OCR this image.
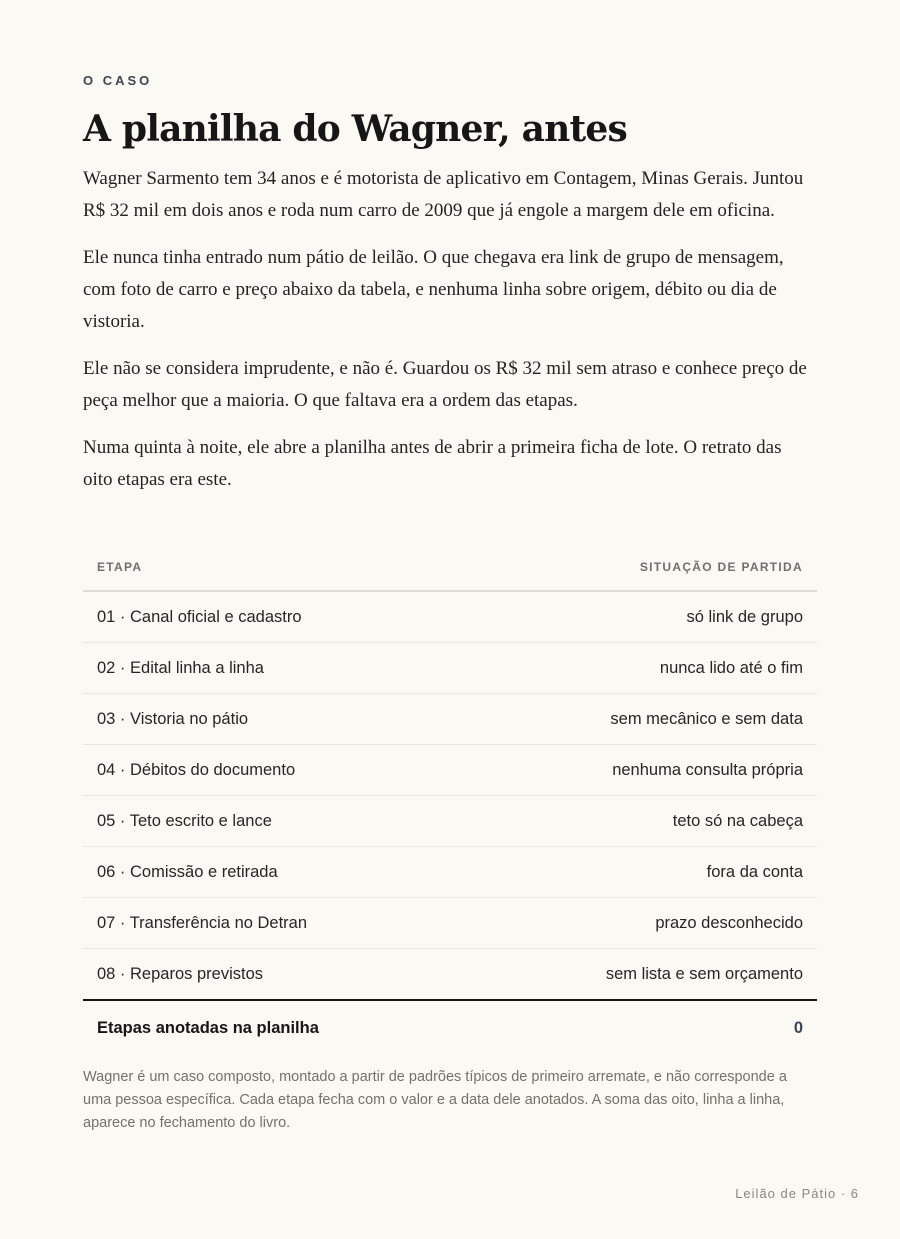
O CASO
A planilha do Wagner, antes

Wagner Sarmento tem 34 anos e é motorista de aplicativo em Contagem, Minas Gerais. Juntou R$ 32 mil em dois anos e roda num carro de 2009 que já engole a margem dele em oficina.

Ele nunca tinha entrado num pátio de leilão. O que chegava era link de grupo de mensagem, com foto de carro e preço abaixo da tabela, e nenhuma linha sobre origem, débito ou dia de vistoria.

Ele não se considera imprudente, e não é. Guardou os R$ 32 mil sem atraso e conhece preço de peça melhor que a maioria. O que faltava era a ordem das etapas.

Numa quinta à noite, ele abre a planilha antes de abrir a primeira ficha de lote. O retrato das oito etapas era este.

ETAPA	SITUAÇÃO DE PARTIDA
01 · Canal oficial e cadastro	só link de grupo
02 · Edital linha a linha	nunca lido até o fim
03 · Vistoria no pátio	sem mecânico e sem data
04 · Débitos do documento	nenhuma consulta própria
05 · Teto escrito e lance	teto só na cabeça
06 · Comissão e retirada	fora da conta
07 · Transferência no Detran	prazo desconhecido
08 · Reparos previstos	sem lista e sem orçamento
Etapas anotadas na planilha	0

Wagner é um caso composto, montado a partir de padrões típicos de primeiro arremate, e não corresponde a uma pessoa específica. Cada etapa fecha com o valor e a data dele anotados. A soma das oito, linha a linha, aparece no fechamento do livro.

Leilão de Pátio · 6
